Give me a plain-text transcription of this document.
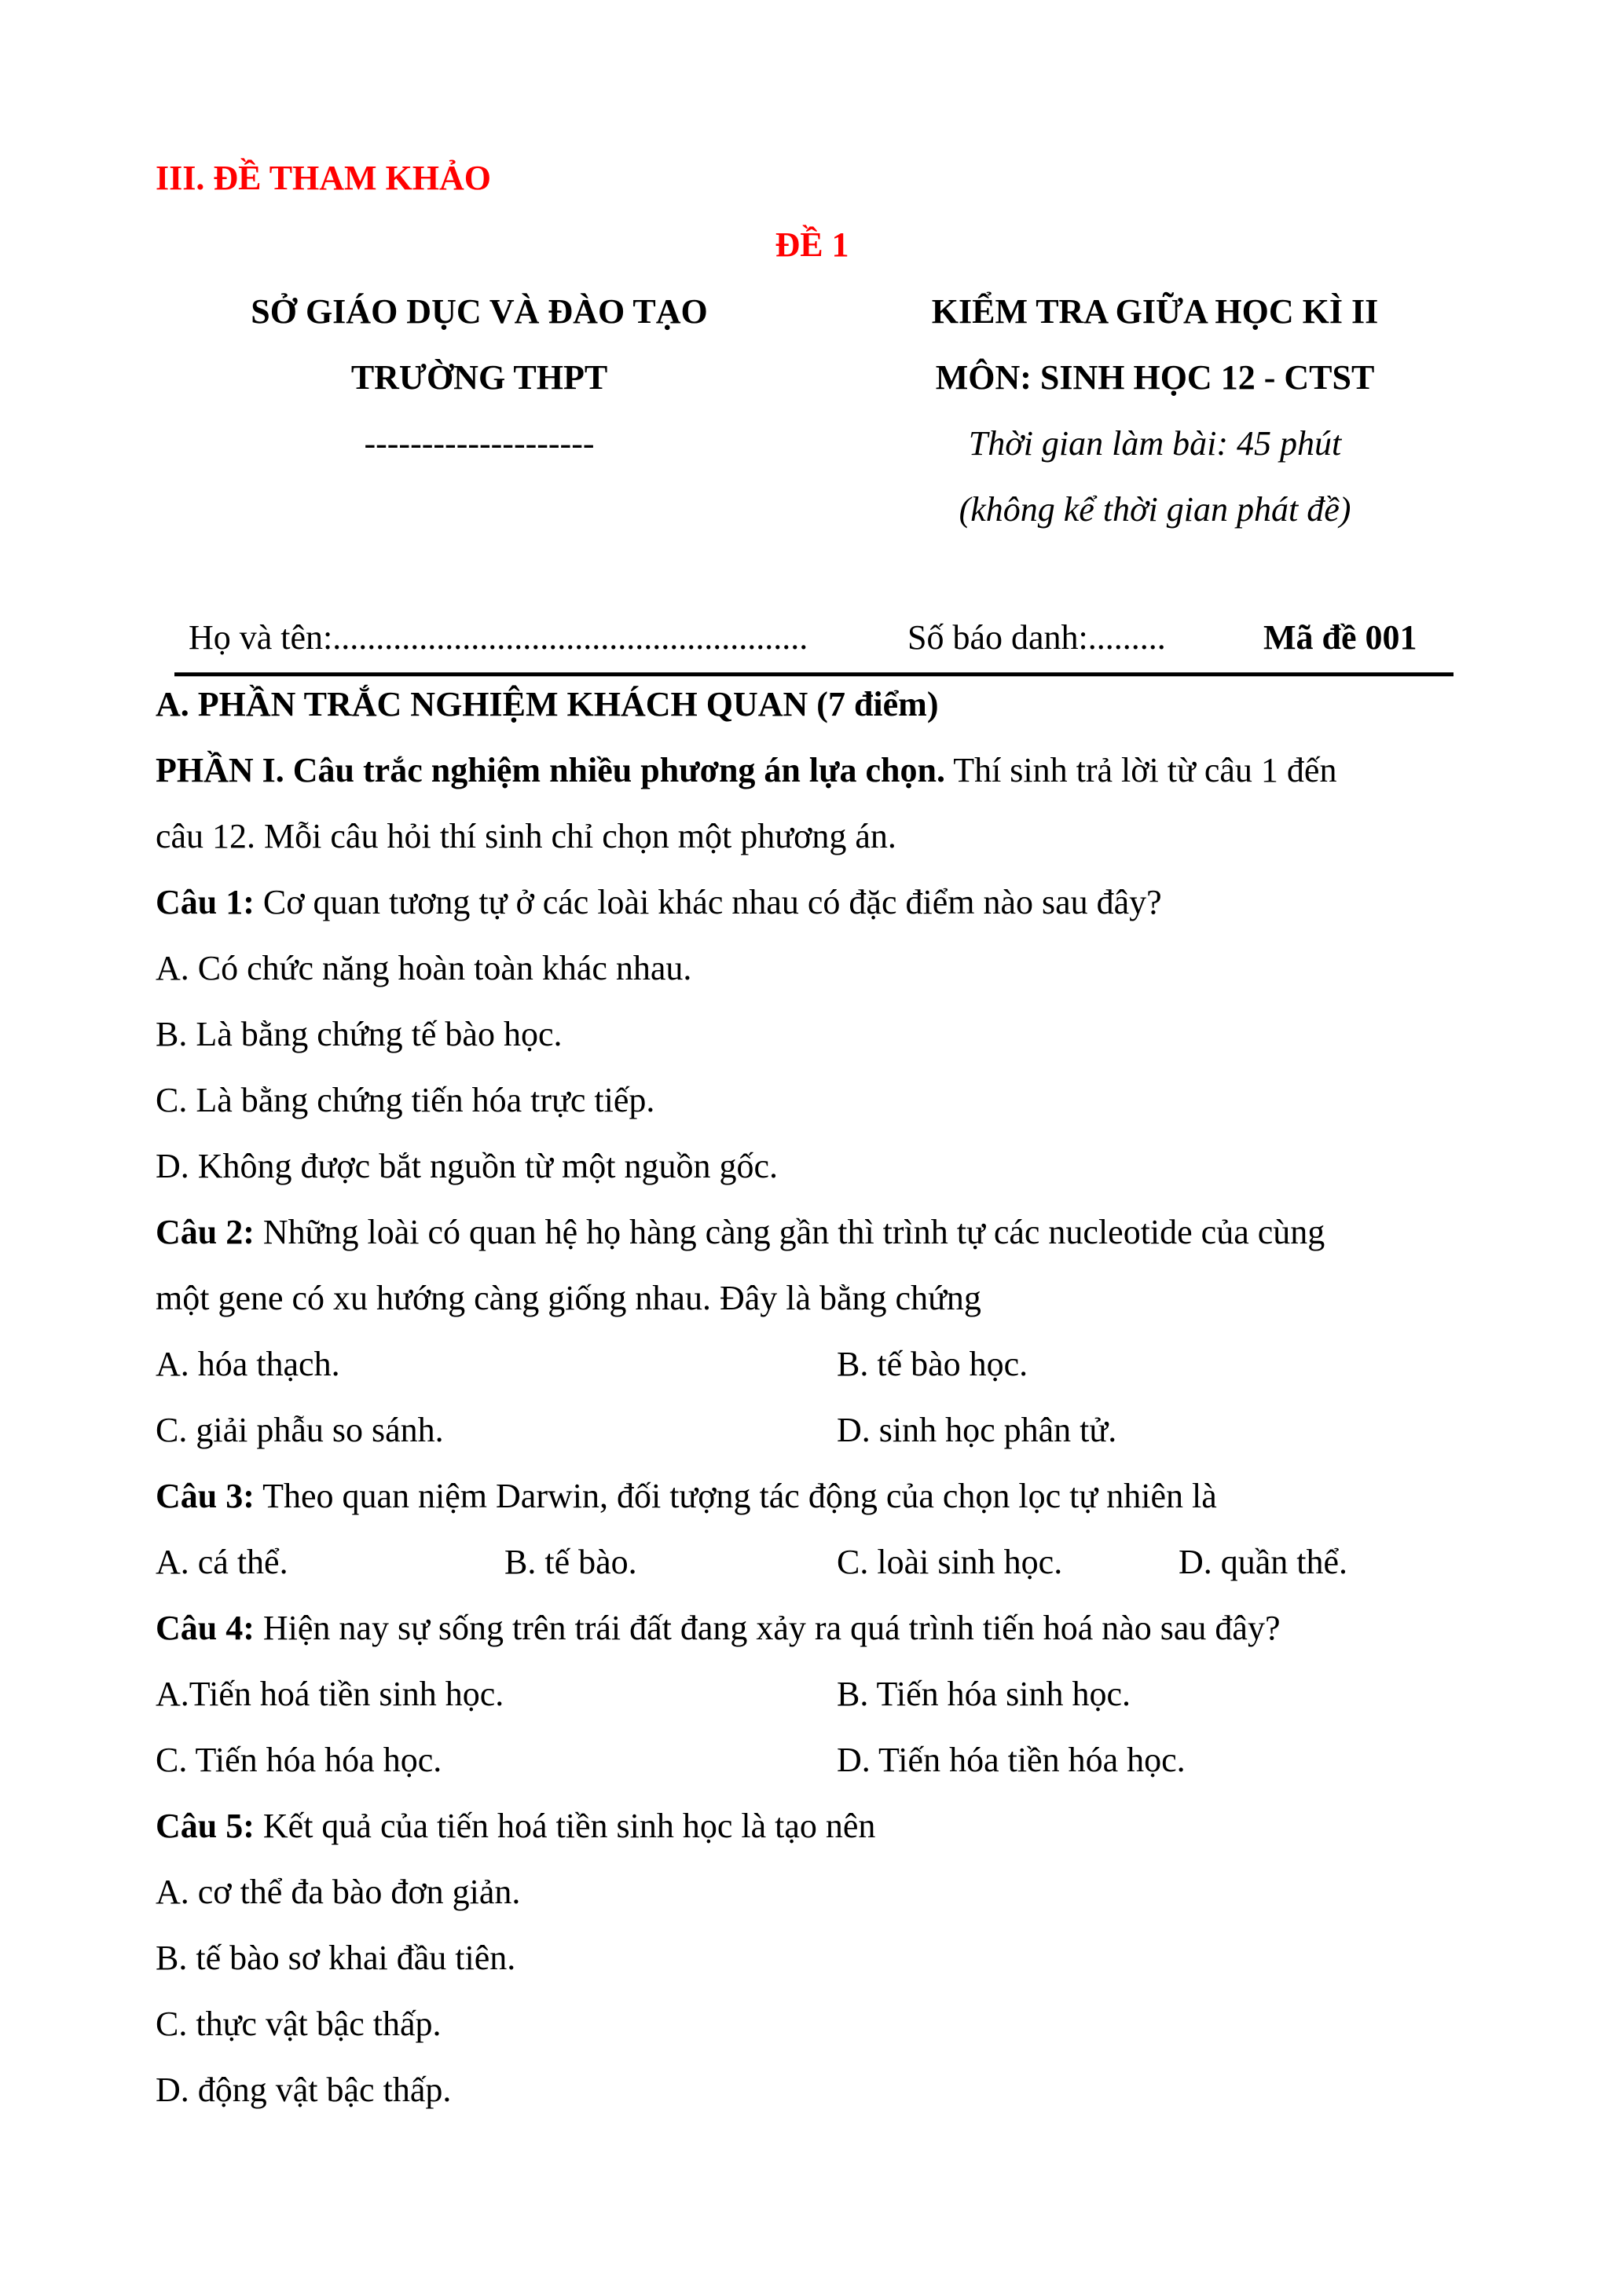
III. ĐỀ THAM KHẢO
ĐỀ 1
SỞ GIÁO DỤC VÀ ĐÀO TẠO
TRƯỜNG THPT
--------------------
KIỂM TRA GIỮA HỌC KÌ II
MÔN: SINH HỌC 12 - CTST
Thời gian làm bài: 45 phút
(không kể thời gian phát đề)
Họ và tên:.......................................................	Số báo danh:.........	Mã đề 001
A. PHẦN TRẮC NGHIỆM KHÁCH QUAN (7 điểm)
PHẦN I. Câu trắc nghiệm nhiều phương án lựa chọn. Thí sinh trả lời từ câu 1 đến
câu 12. Mỗi câu hỏi thí sinh chỉ chọn một phương án.
Câu 1: Cơ quan tương tự ở các loài khác nhau có đặc điểm nào sau đây?
A. Có chức năng hoàn toàn khác nhau.
B. Là bằng chứng tế bào học.
C. Là bằng chứng tiến hóa trực tiếp.
D. Không được bắt nguồn từ một nguồn gốc.
Câu 2: Những loài có quan hệ họ hàng càng gần thì trình tự các nucleotide của cùng
một gene có xu hướng càng giống nhau. Đây là bằng chứng
A. hóa thạch.	B. tế bào học.
C. giải phẫu so sánh.	D. sinh học phân tử.
Câu 3: Theo quan niệm Darwin, đối tượng tác động của chọn lọc tự nhiên là
A. cá thể.	B. tế bào.	C. loài sinh học.	D. quần thể.
Câu 4: Hiện nay sự sống trên trái đất đang xảy ra quá trình tiến hoá nào sau đây?
A.Tiến hoá tiền sinh học.	B. Tiến hóa sinh học.
C. Tiến hóa hóa học.	D. Tiến hóa tiền hóa học.
Câu 5: Kết quả của tiến hoá tiền sinh học là tạo nên
A. cơ thể đa bào đơn giản.
B. tế bào sơ khai đầu tiên.
C. thực vật bậc thấp.
D. động vật bậc thấp.
